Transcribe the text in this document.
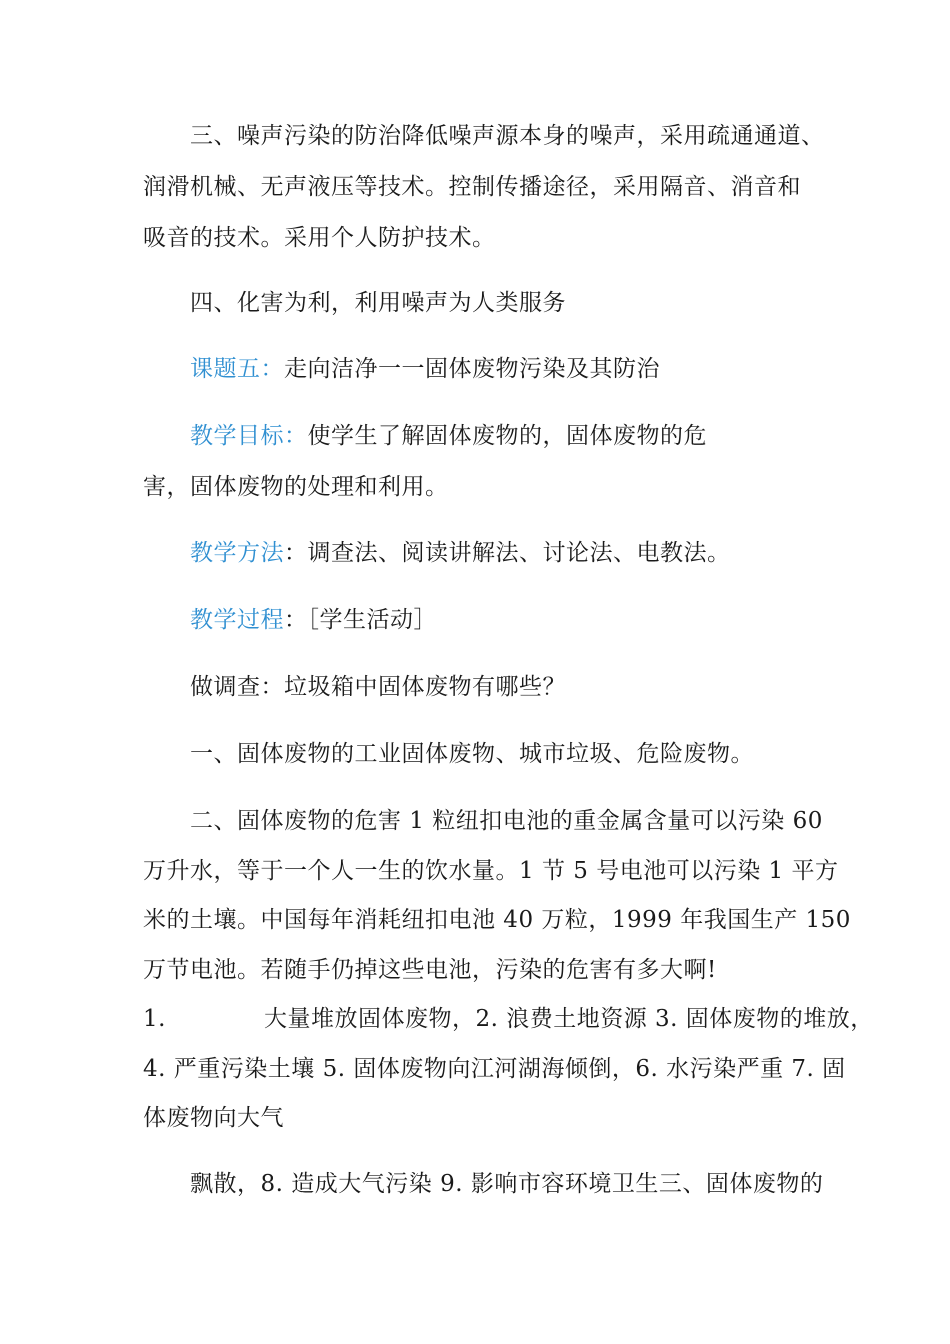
三、噪声污染的防治降低噪声源本身的噪声，采用疏通通道、
润滑机械、无声液压等技术。控制传播途径，采用隔音、消音和
吸音的技术。采用个人防护技术。
四、化害为利，利用噪声为人类服务
课题五：走向洁净一一固体废物污染及其防治
教学目标：使学生了解固体废物的，固体废物的危
害，固体废物的处理和利用。
教学方法：调查法、阅读讲解法、讨论法、电教法。
教学过程：［学生活动］
做调查：垃圾箱中固体废物有哪些？
一、固体废物的工业固体废物、城市垃圾、危险废物。
二、固体废物的危害 1 粒纽扣电池的重金属含量可以污染 60
万升水，等于一个人一生的饮水量。1 节 5 号电池可以污染 1 平方
米的土壤。中国每年消耗纽扣电池 40 万粒，1999 年我国生产 150
万节电池。若随手仍掉这些电池，污染的危害有多大啊!
1.	大量堆放固体废物，2. 浪费土地资源 3. 固体废物的堆放，
4. 严重污染土壤 5. 固体废物向江河湖海倾倒，6. 水污染严重 7. 固
体废物向大气
飘散，8. 造成大气污染 9. 影响市容环境卫生三、固体废物的
